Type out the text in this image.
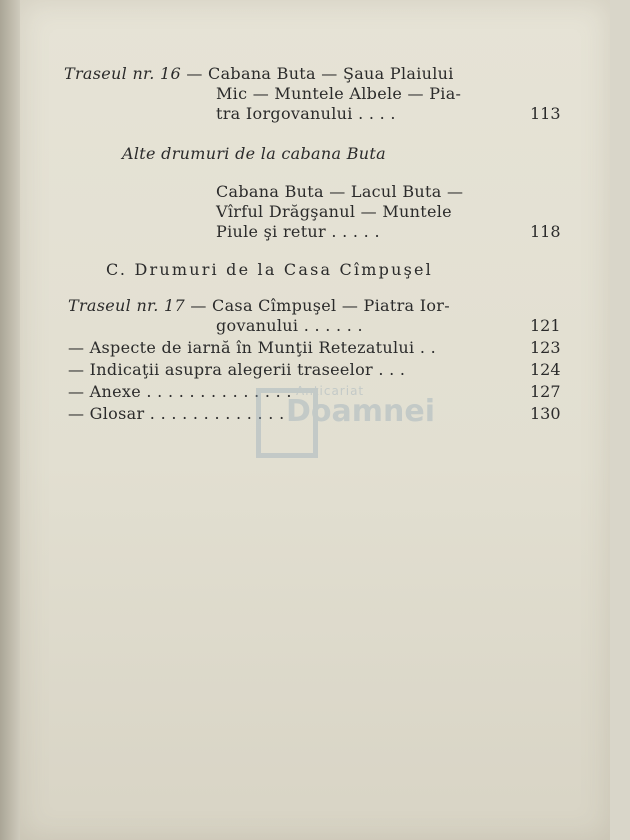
Traseul nr. 16 — Cabana Buta — Şaua Plaiului
Mic — Muntele Albele — Pia-
tra Iorgovanului . . . .	113
Alte drumuri de la cabana Buta
Cabana Buta — Lacul Buta —
Vîrful Drăgşanul — Muntele
Piule şi retur . . . . .	118
C. Drumuri de la Casa Cîmpuşel
Traseul nr. 17 — Casa Cîmpuşel — Piatra Ior-
govanului . . . . . .	121
— Aspecte de iarnă în Munţii Retezatului . .	123
— Indicaţii asupra alegerii traseelor . . .	124
— Anexe . . . . . . . . . . . . . .	127
— Glosar . . . . . . . . . . . . .	130
Anticariat
Doamnei
